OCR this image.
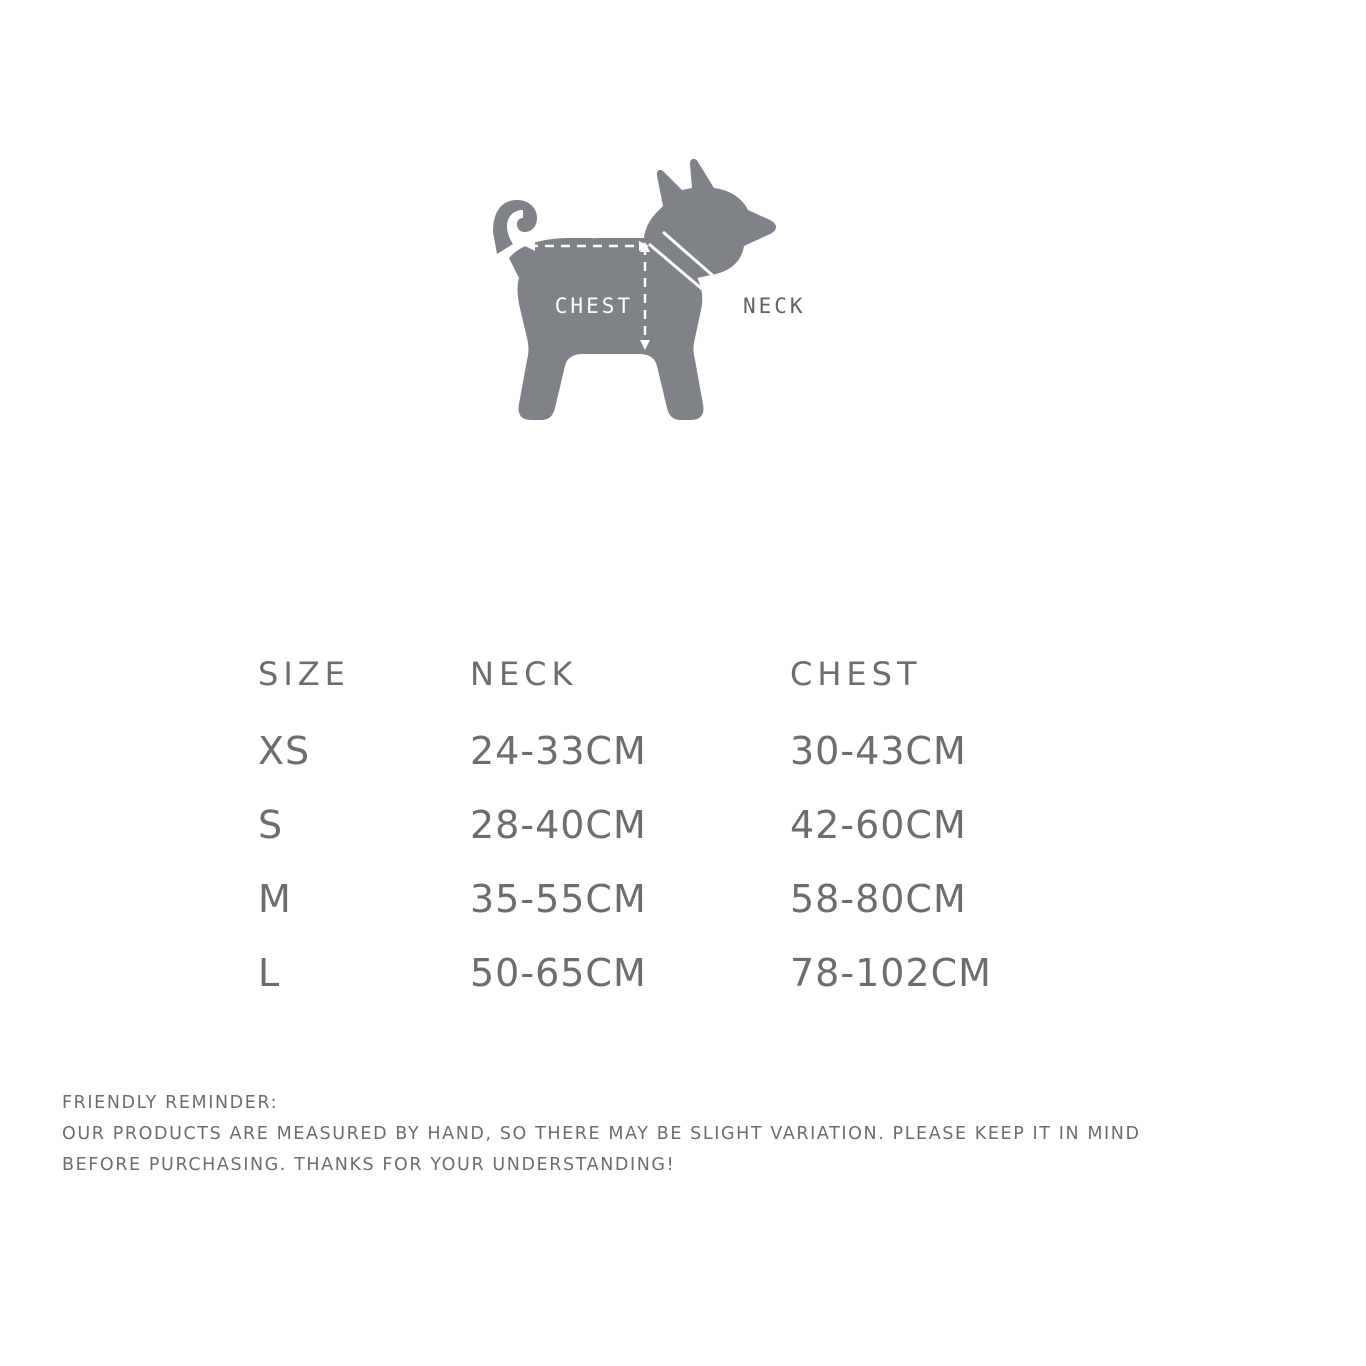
LENGTH
CHEST	NECK
SIZE	NECK	CHEST
XS	24-33CM	30-43CM
S	28-40CM	42-60CM
M	35-55CM	58-80CM
L	50-65CM	78-102CM
FRIENDLY REMINDER:
OUR PRODUCTS ARE MEASURED BY HAND, SO THERE MAY BE SLIGHT VARIATION. PLEASE KEEP IT IN MIND
BEFORE PURCHASING. THANKS FOR YOUR UNDERSTANDING!
